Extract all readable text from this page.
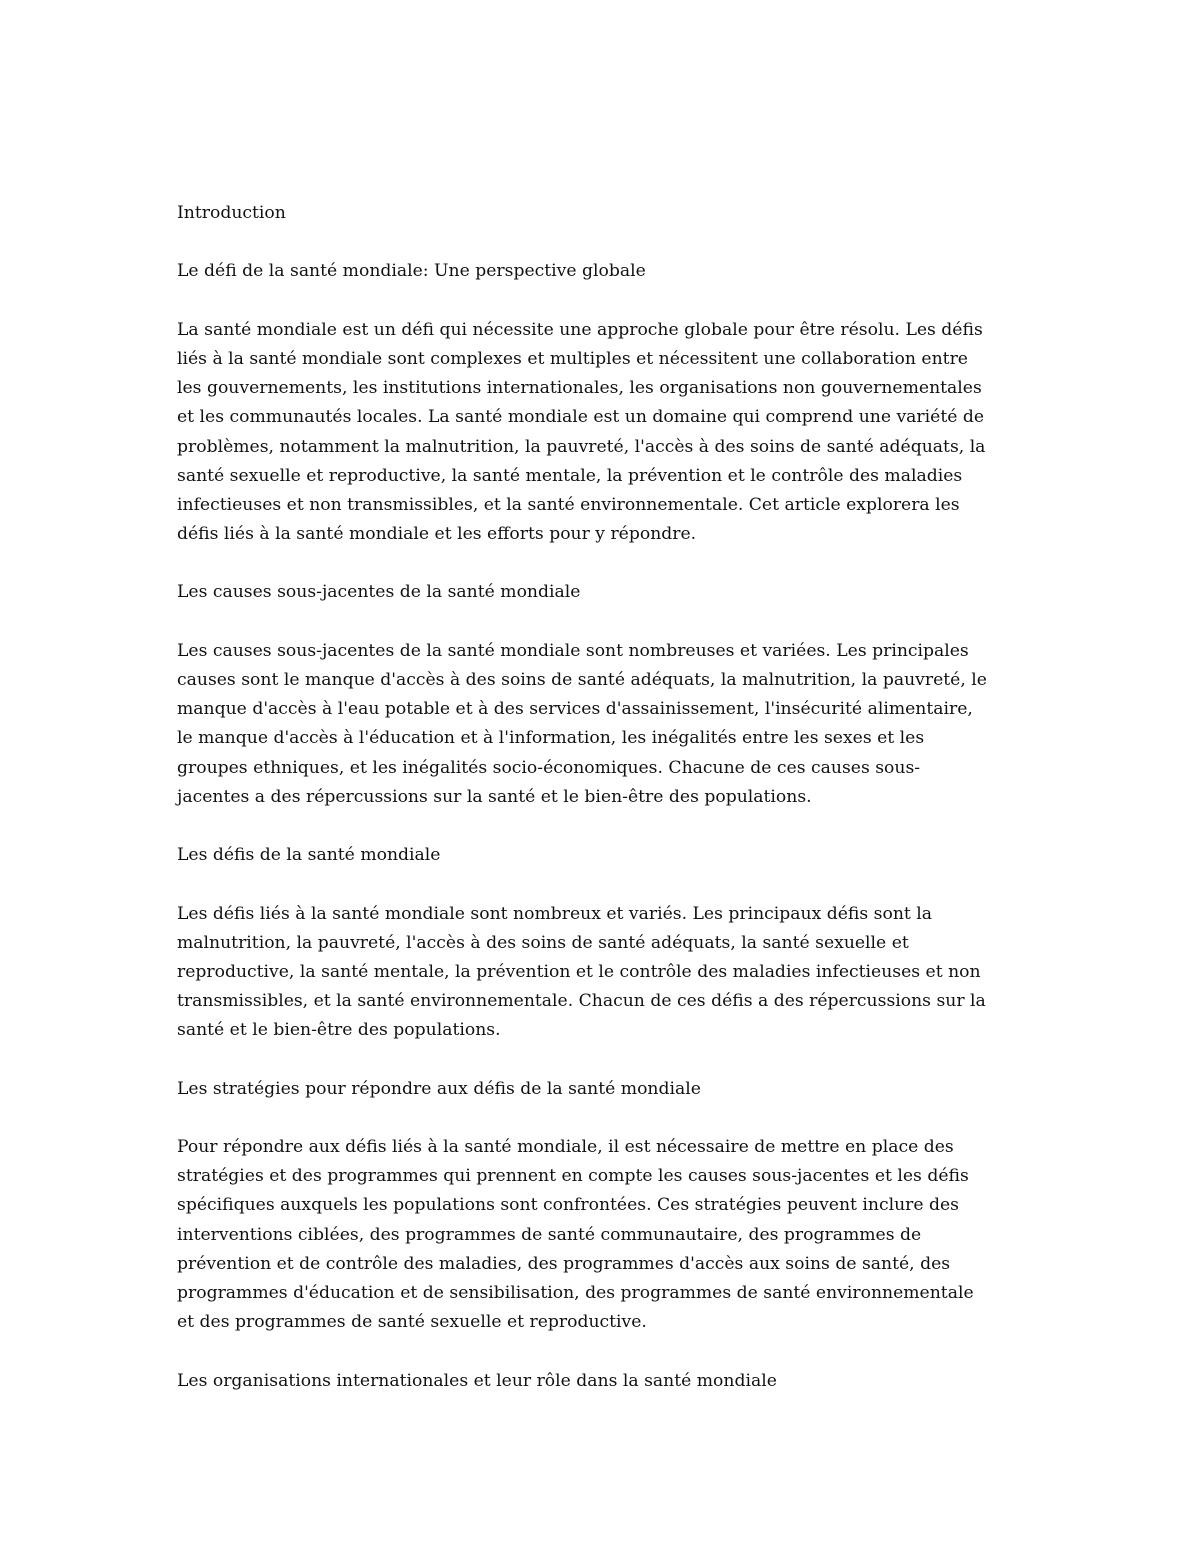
Introduction

Le défi de la santé mondiale: Une perspective globale

La santé mondiale est un défi qui nécessite une approche globale pour être résolu. Les défis

liés à la santé mondiale sont complexes et multiples et nécessitent une collaboration entre

les gouvernements, les institutions internationales, les organisations non gouvernementales

et les communautés locales. La santé mondiale est un domaine qui comprend une variété de

problèmes, notamment la malnutrition, la pauvreté, l'accès à des soins de santé adéquats, la

santé sexuelle et reproductive, la santé mentale, la prévention et le contrôle des maladies

infectieuses et non transmissibles, et la santé environnementale. Cet article explorera les

défis liés à la santé mondiale et les efforts pour y répondre.

Les causes sous-jacentes de la santé mondiale

Les causes sous-jacentes de la santé mondiale sont nombreuses et variées. Les principales

causes sont le manque d'accès à des soins de santé adéquats, la malnutrition, la pauvreté, le

manque d'accès à l'eau potable et à des services d'assainissement, l'insécurité alimentaire,

le manque d'accès à l'éducation et à l'information, les inégalités entre les sexes et les

groupes ethniques, et les inégalités socio-économiques. Chacune de ces causes sous-

jacentes a des répercussions sur la santé et le bien-être des populations.

Les défis de la santé mondiale

Les défis liés à la santé mondiale sont nombreux et variés. Les principaux défis sont la

malnutrition, la pauvreté, l'accès à des soins de santé adéquats, la santé sexuelle et

reproductive, la santé mentale, la prévention et le contrôle des maladies infectieuses et non

transmissibles, et la santé environnementale. Chacun de ces défis a des répercussions sur la

santé et le bien-être des populations.

Les stratégies pour répondre aux défis de la santé mondiale

Pour répondre aux défis liés à la santé mondiale, il est nécessaire de mettre en place des

stratégies et des programmes qui prennent en compte les causes sous-jacentes et les défis

spécifiques auxquels les populations sont confrontées. Ces stratégies peuvent inclure des

interventions ciblées, des programmes de santé communautaire, des programmes de

prévention et de contrôle des maladies, des programmes d'accès aux soins de santé, des

programmes d'éducation et de sensibilisation, des programmes de santé environnementale

et des programmes de santé sexuelle et reproductive.

Les organisations internationales et leur rôle dans la santé mondiale
